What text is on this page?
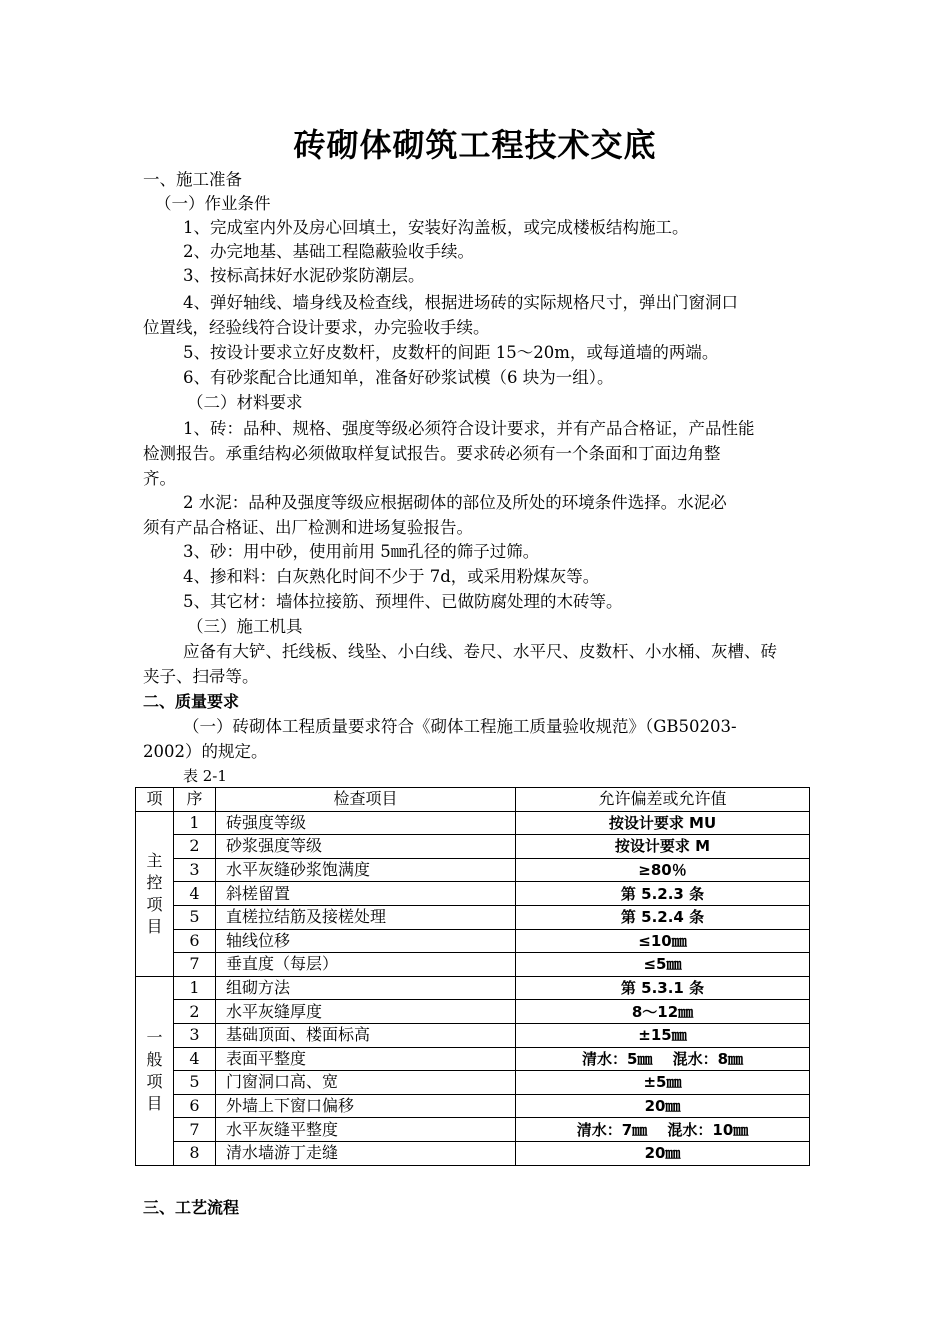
砖砌体砌筑工程技术交底
一、施工准备
（一）作业条件
1、完成室内外及房心回填土，安装好沟盖板，或完成楼板结构施工。
2、办完地基、基础工程隐蔽验收手续。
3、按标高抹好水泥砂浆防潮层。
4、弹好轴线、墙身线及检查线，根据进场砖的实际规格尺寸，弹出门窗洞口
位置线，经验线符合设计要求，办完验收手续。
5、按设计要求立好皮数杆，皮数杆的间距 15～20m，或每道墙的两端。
6、有砂浆配合比通知单，准备好砂浆试模（6 块为一组）。
（二）材料要求
1、砖：品种、规格、强度等级必须符合设计要求，并有产品合格证，产品性能
检测报告。承重结构必须做取样复试报告。要求砖必须有一个条面和丁面边角整
齐。
2 水泥：品种及强度等级应根据砌体的部位及所处的环境条件选择。水泥必
须有产品合格证、出厂检测和进场复验报告。
3、砂：用中砂，使用前用 5㎜孔径的筛子过筛。
4、掺和料：白灰熟化时间不少于 7d，或采用粉煤灰等。
5、其它材：墙体拉接筋、预埋件、已做防腐处理的木砖等。
（三）施工机具
应备有大铲、托线板、线坠、小白线、卷尺、水平尺、皮数杆、小水桶、灰槽、砖
夹子、扫帚等。
二、质量要求
（一）砖砌体工程质量要求符合《砌体工程施工质量验收规范》（GB50203-
2002）的规定。
表 2-1
项	序	检查项目	允许偏差或允许值
主控项目	1	砖强度等级	按设计要求 MU
	2	砂浆强度等级	按设计要求 M
	3	水平灰缝砂浆饱满度	≥80％
	4	斜槎留置	第 5.2.3 条
	5	直槎拉结筋及接槎处理	第 5.2.4 条
	6	轴线位移	≤10㎜
	7	垂直度（每层）	≤5㎜
一般项目	1	组砌方法	第 5.3.1 条
	2	水平灰缝厚度	8～12㎜
	3	基础顶面、楼面标高	±15㎜
	4	表面平整度	清水：5㎜ 　混水：8㎜
	5	门窗洞口高、宽	±5㎜
	6	外墙上下窗口偏移	20㎜
	7	水平灰缝平整度	清水：7㎜ 　混水：10㎜
	8	清水墙游丁走缝	20㎜
三、工艺流程
